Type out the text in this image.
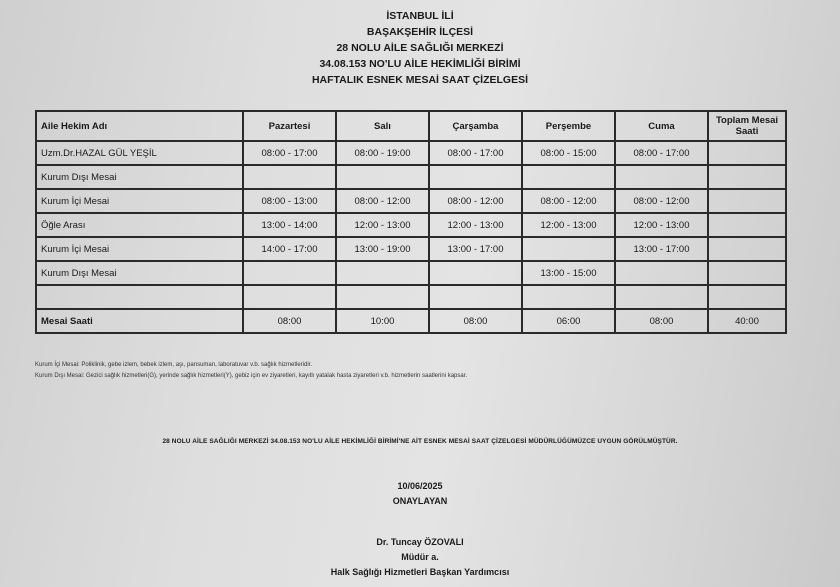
İSTANBUL İLİ
BAŞAKŞEHİR İLÇESİ
28 NOLU AİLE SAĞLIĞI MERKEZİ
34.08.153 NO'LU AİLE HEKİMLİĞİ BİRİMİ
HAFTALIK ESNEK MESAİ SAAT ÇİZELGESİ
Aile Hekim Adı	Pazartesi	Salı	Çarşamba	Perşembe	Cuma	Toplam Mesai Saati
Uzm.Dr.HAZAL GÜL YEŞİL	08:00 - 17:00	08:00 - 19:00	08:00 - 17:00	08:00 - 15:00	08:00 - 17:00	
Kurum Dışı Mesai						
Kurum İçi Mesai	08:00 - 13:00	08:00 - 12:00	08:00 - 12:00	08:00 - 12:00	08:00 - 12:00	
Öğle Arası	13:00 - 14:00	12:00 - 13:00	12:00 - 13:00	12:00 - 13:00	12:00 - 13:00	
Kurum İçi Mesai	14:00 - 17:00	13:00 - 19:00	13:00 - 17:00		13:00 - 17:00	
Kurum Dışı Mesai				13:00 - 15:00		

Mesai Saati	08:00	10:00	08:00	06:00	08:00	40:00
Kurum İçi Mesai: Poliklinik, gebe izlem, bebek izlem, aşı, pansuman, laboratuvar v.b. sağlık hizmetleridir.
Kurum Dışı Mesai: Gezici sağlık hizmetleri(G), yerinde sağlık hizmetleri(Y), gebiz için ev ziyaretleri, kayıtlı yatalak hasta ziyaretleri v.b. hizmetlerin saatlerini kapsar.
28 NOLU AİLE SAĞLIĞI MERKEZİ 34.08.153 NO'LU AİLE HEKİMLİĞİ BİRİMİ'NE AİT ESNEK MESAİ SAAT ÇİZELGESİ MÜDÜRLÜĞÜMÜZCE UYGUN GÖRÜLMÜŞTÜR.
10/06/2025
ONAYLAYAN
Dr. Tuncay ÖZOVALI
Müdür a.
Halk Sağlığı Hizmetleri Başkan Yardımcısı
